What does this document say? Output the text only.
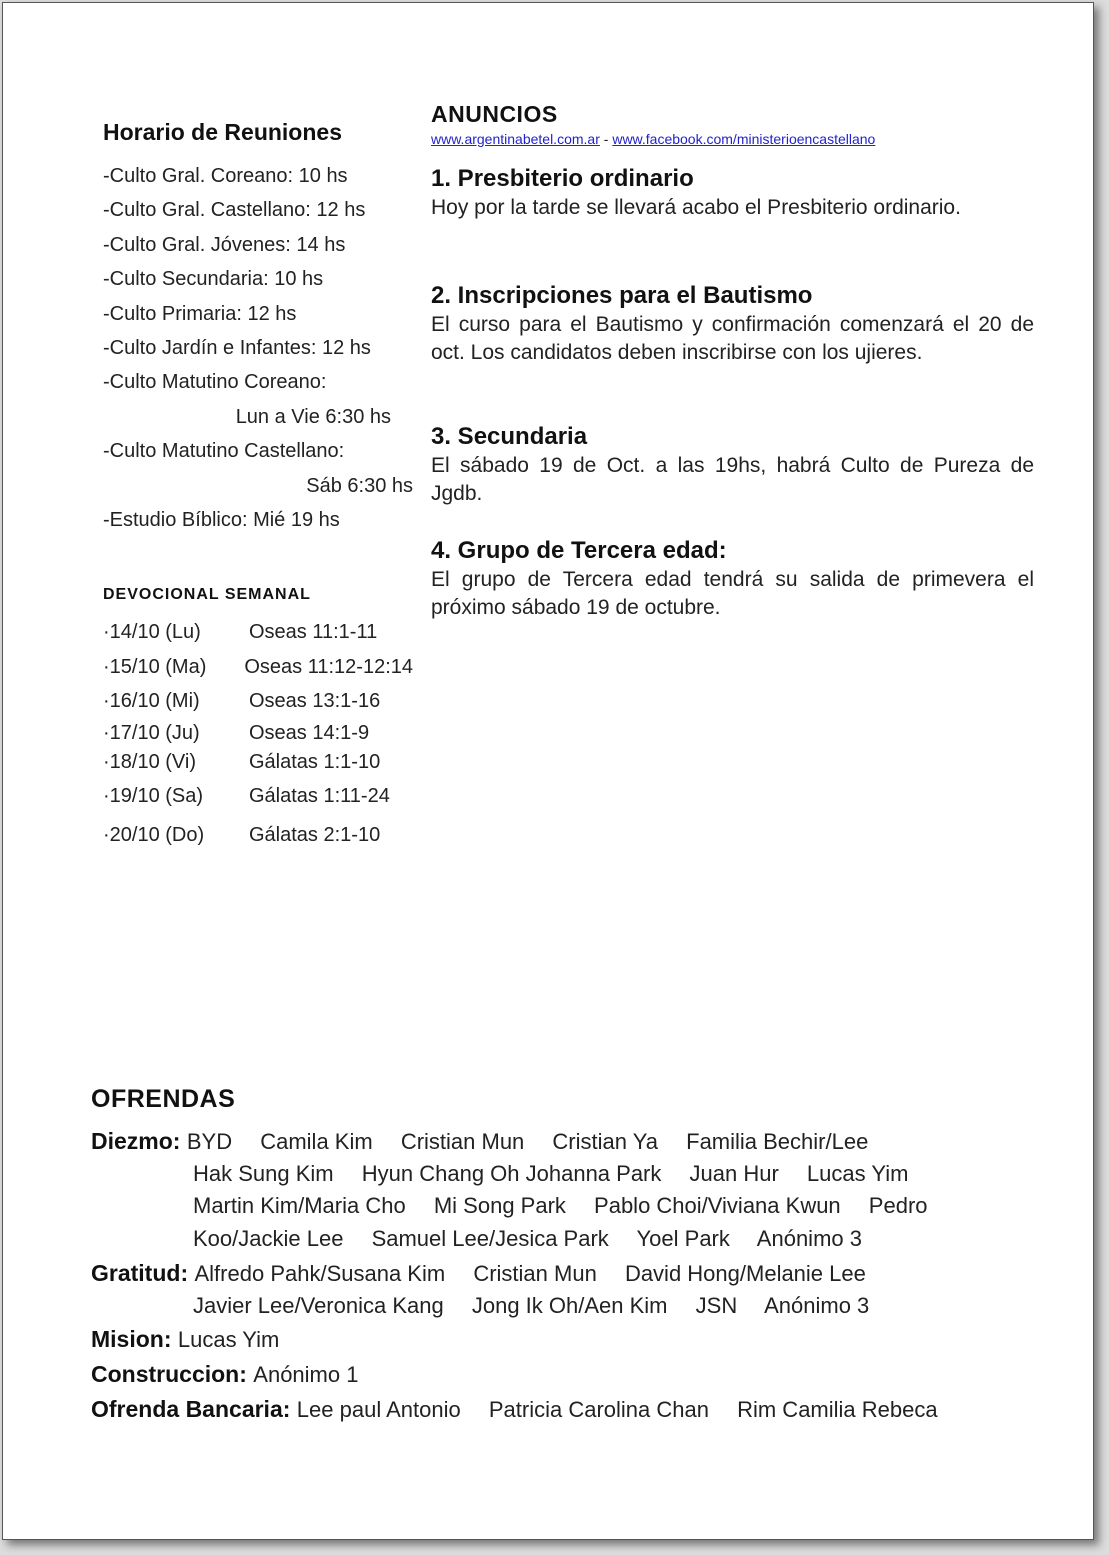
Horario de Reuniones
-Culto Gral. Coreano: 10 hs
-Culto Gral. Castellano: 12 hs
-Culto Gral. Jóvenes: 14 hs
-Culto Secundaria: 10 hs
-Culto Primaria: 12 hs
-Culto Jardín e Infantes: 12 hs
-Culto Matutino Coreano:
Lun a Vie 6:30 hs
-Culto Matutino Castellano:
Sáb 6:30 hs
-Estudio Bíblico: Mié 19 hs
DEVOCIONAL SEMANAL
·14/10 (Lu)	Oseas 11:1-11
·15/10 (Ma)	Oseas 11:12-12:14
·16/10 (Mi)	Oseas 13:1-16
·17/10 (Ju)	Oseas 14:1-9
·18/10 (Vi)	Gálatas 1:1-10
·19/10 (Sa)	Gálatas 1:11-24
·20/10 (Do)	Gálatas 2:1-10
ANUNCIOS
www.argentinabetel.com.ar - www.facebook.com/ministerioencastellano
1. Presbiterio ordinario
Hoy por la tarde se llevará acabo el Presbiterio ordinario.
2. Inscripciones para el Bautismo
El curso para el Bautismo y confirmación comenzará el 20 de oct. Los candidatos deben inscribirse con los ujieres.
3. Secundaria
El sábado 19 de Oct. a las 19hs, habrá Culto de Pureza de Jgdb.
4. Grupo de Tercera edad:
El grupo de Tercera edad tendrá su salida de primevera el próximo sábado 19 de octubre.
OFRENDAS
Diezmo: BYD Camila Kim Cristian Mun Cristian Ya Familia Bechir/Lee
Hak Sung Kim Hyun Chang Oh Johanna Park Juan Hur Lucas Yim
Martin Kim/Maria Cho Mi Song Park Pablo Choi/Viviana Kwun Pedro
Koo/Jackie Lee Samuel Lee/Jesica Park Yoel Park Anónimo 3
Gratitud: Alfredo Pahk/Susana Kim Cristian Mun David Hong/Melanie Lee
Javier Lee/Veronica Kang Jong Ik Oh/Aen Kim JSN Anónimo 3
Mision: Lucas Yim
Construccion: Anónimo 1
Ofrenda Bancaria: Lee paul Antonio Patricia Carolina Chan Rim Camilia Rebeca
